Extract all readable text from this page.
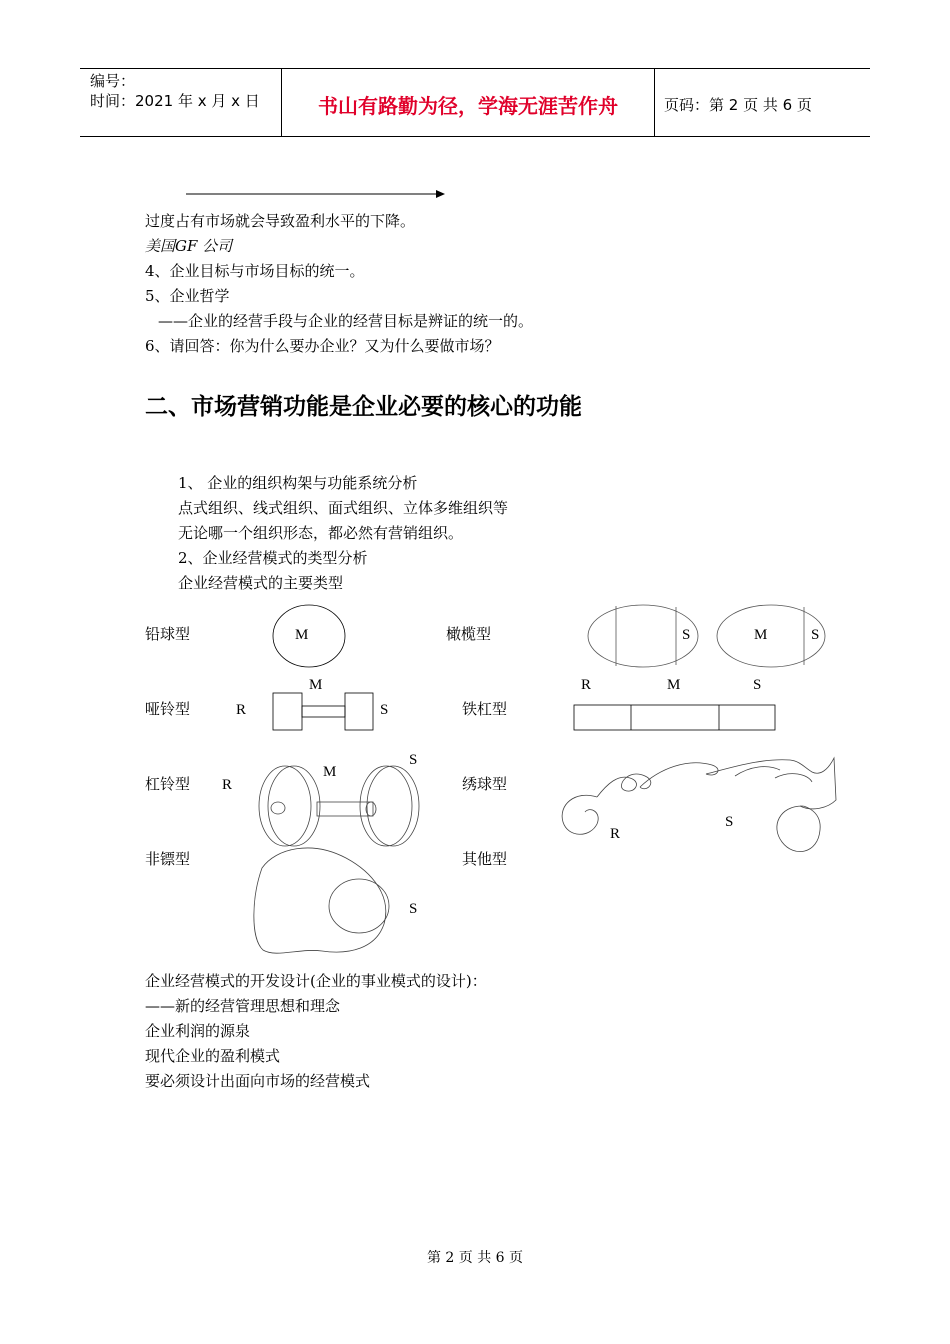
编号：
时间：2021 年 x 月 x 日	书山有路勤为径，学海无涯苦作舟	页码：第 2 页 共 6 页
过度占有市场就会导致盈利水平的下降。
美国GF 公司
4、企业目标与市场目标的统一。
5、企业哲学
——企业的经营手段与企业的经营目标是辨证的统一的。
6、请回答：你为什么要办企业？又为什么要做市场？
二、市场营销功能是企业必要的核心的功能
1、 企业的组织构架与功能系统分析
点式组织、线式组织、面式组织、立体多维组织等
无论哪一个组织形态，都必然有营销组织。
2、企业经营模式的类型分析
企业经营模式的主要类型
铅球型	橄榄型
哑铃型	铁杠型
杠铃型	绣球型
非镖型	其他型
M	S	M	S
M
R	S
R	M	S
S
M
R
S
R
S
企业经营模式的开发设计(企业的事业模式的设计)：
——新的经营管理思想和理念
企业利润的源泉
现代企业的盈利模式
要必须设计出面向市场的经营模式
第 2 页 共 6 页
